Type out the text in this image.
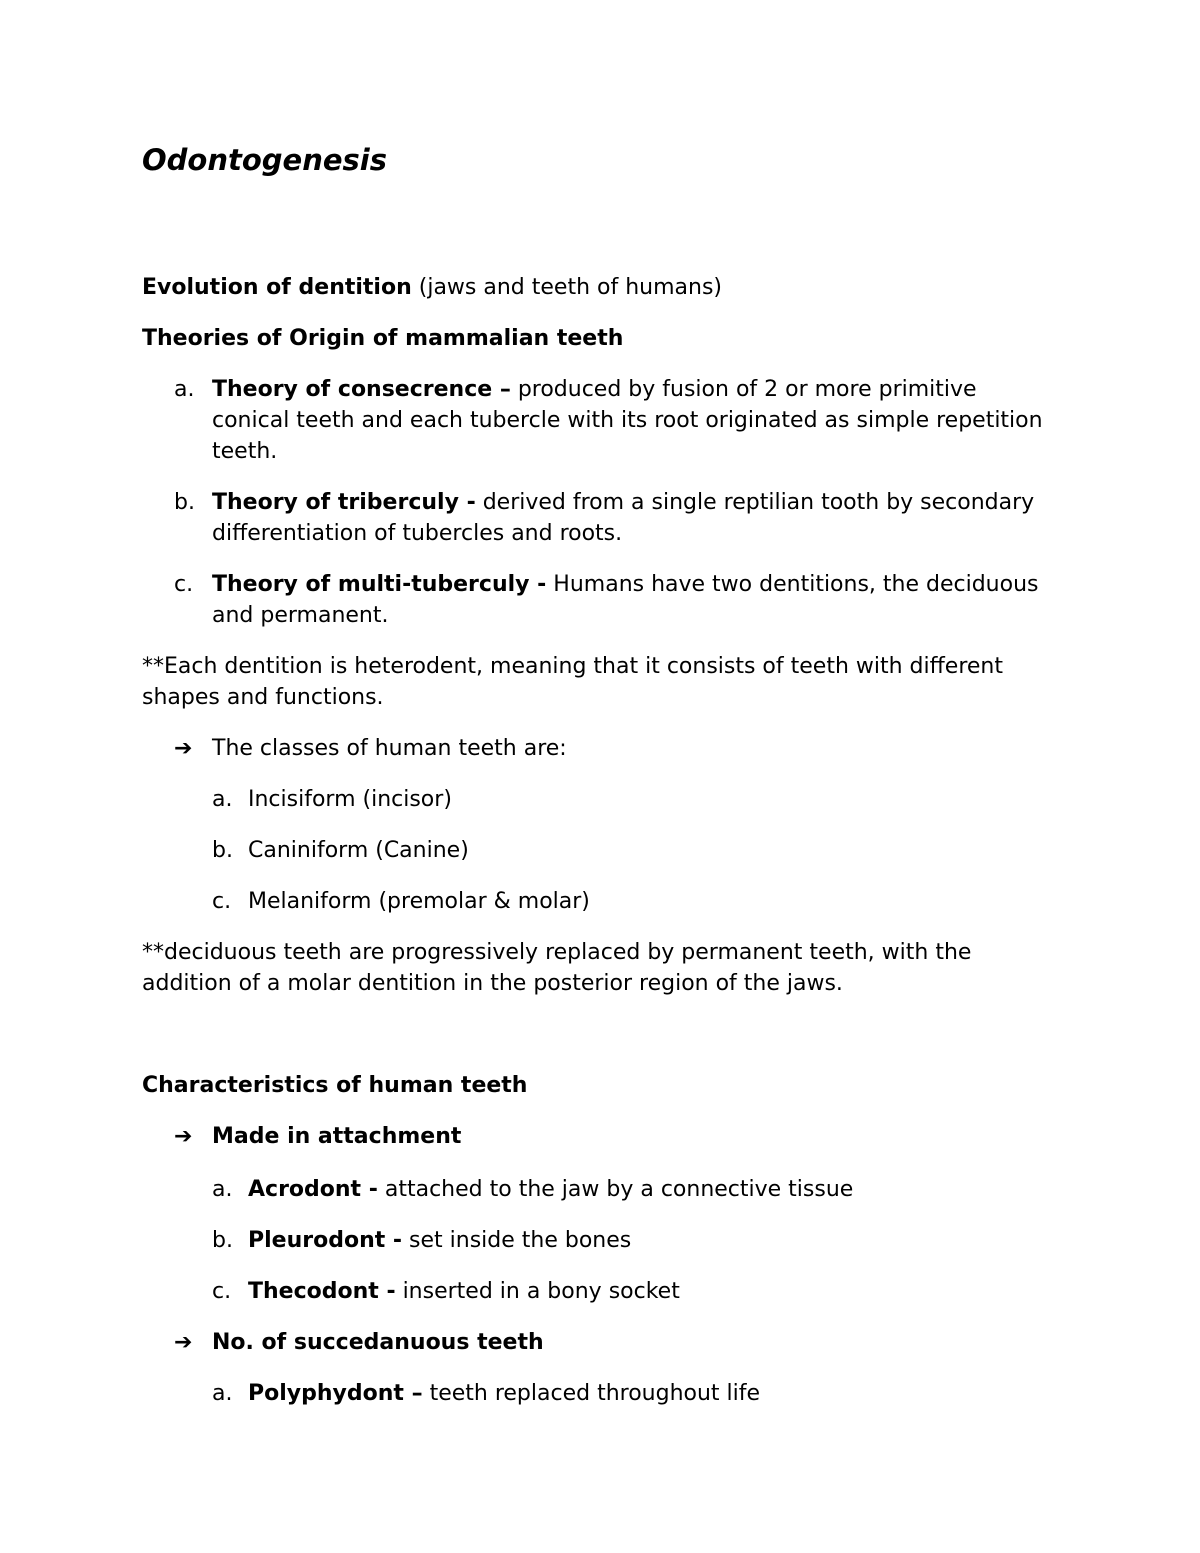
Odontogenesis

Evolution of dentition (jaws and teeth of humans)

Theories of Origin of mammalian teeth

a. Theory of consecrence – produced by fusion of 2 or more primitive conical teeth and each tubercle with its root originated as simple repetition teeth.
b. Theory of triberculy - derived from a single reptilian tooth by secondary differentiation of tubercles and roots.
c. Theory of multi-tuberculy - Humans have two dentitions, the deciduous and permanent.

**Each dentition is heterodent, meaning that it consists of teeth with different shapes and functions.

➔ The classes of human teeth are:

a. Incisiform (incisor)
b. Caniniform (Canine)
c. Melaniform (premolar & molar)

**deciduous teeth are progressively replaced by permanent teeth, with the addition of a molar dentition in the posterior region of the jaws.

Characteristics of human teeth

➔ Made in attachment

a. Acrodont - attached to the jaw by a connective tissue
b. Pleurodont - set inside the bones
c. Thecodont - inserted in a bony socket

➔ No. of succedanuous teeth

a. Polyphydont – teeth replaced throughout life
